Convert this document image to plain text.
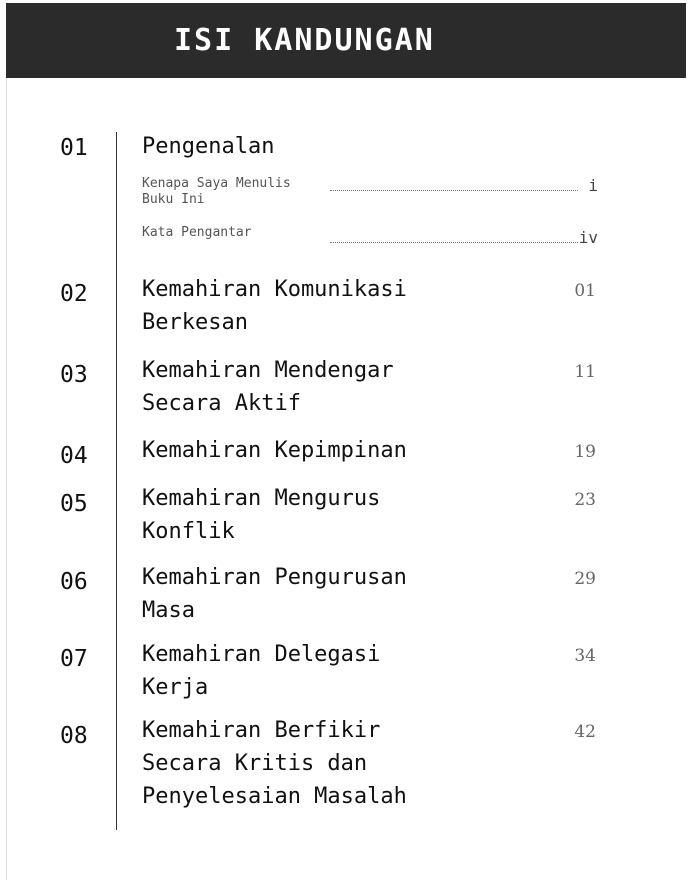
ISI KANDUNGAN
01 Pengenalan
Kenapa Saya Menulis
Buku Ini
i
Kata Pengantar	iv
02 Kemahiran Komunikasi
Berkesan
01
03 Kemahiran Mendengar
Secara Aktif
11
04 Kemahiran Kepimpinan	19
05 Kemahiran Mengurus
Konflik
23
06 Kemahiran Pengurusan
Masa
29
07 Kemahiran Delegasi
Kerja
34
08 Kemahiran Berfikir
Secara Kritis dan
Penyelesaian Masalah
42
